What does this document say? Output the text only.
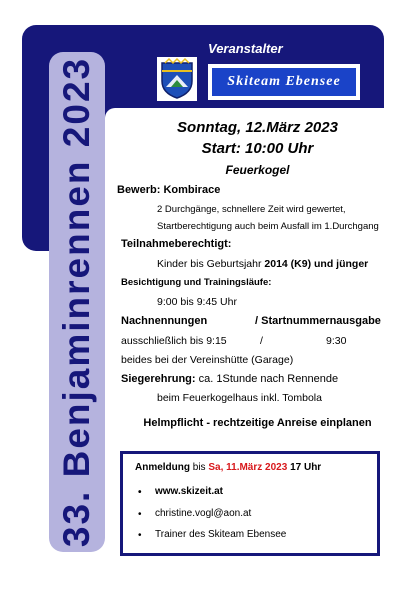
33. Benjaminrennen 2023
Veranstalter
Skiteam Ebensee
Sonntag, 12.März 2023
Start: 10:00 Uhr
Feuerkogel
Bewerb: Kombirace
2 Durchgänge, schnellere Zeit wird gewertet,
Startberechtigung auch beim Ausfall im 1.Durchgang
Teilnahmeberechtigt:
Kinder bis Geburtsjahr 2014 (K9) und jünger
Besichtigung und Trainingsläufe:
9:00 bis 9:45 Uhr
Nachnennungen	/ Startnummernausgabe
ausschließlich bis 9:15	/	9:30
beides bei der Vereinshütte (Garage)
Siegerehrung: ca. 1Stunde nach Rennende
beim Feuerkogelhaus inkl. Tombola
Helmpflicht - rechtzeitige Anreise einplanen
Anmeldung bis Sa, 11.März 2023 17 Uhr
• www.skizeit.at
• christine.vogl@aon.at
• Trainer des Skiteam Ebensee
